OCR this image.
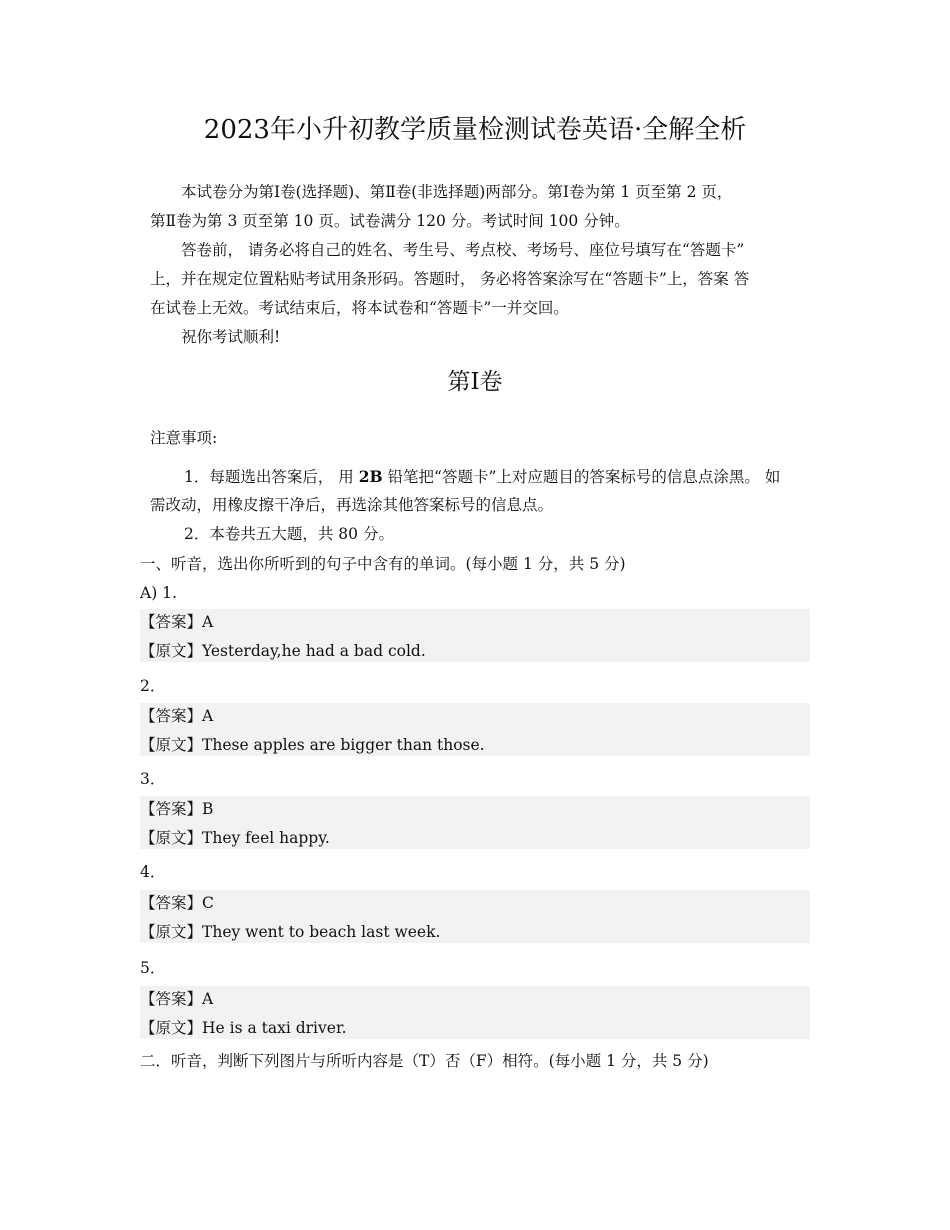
2023年小升初教学质量检测试卷英语·全解全析
本试卷分为第Ⅰ卷(选择题)、第Ⅱ卷(非选择题)两部分。第Ⅰ卷为第 1 页至第 2 页，
第Ⅱ卷为第 3 页至第 10 页。试卷满分 120 分。考试时间 100 分钟。
答卷前， 请务必将自己的姓名、考生号、考点校、考场号、座位号填写在“答题卡”
上，并在规定位置粘贴考试用条形码。答题时， 务必将答案涂写在“答题卡”上，答案 答
在试卷上无效。考试结束后，将本试卷和“答题卡”一并交回。
祝你考试顺利!
第Ⅰ卷
注意事项:
1．每题选出答案后， 用 2B 铅笔把“答题卡”上对应题目的答案标号的信息点涂黑。 如
需改动，用橡皮擦干净后，再选涂其他答案标号的信息点。
2．本卷共五大题，共 80 分。
一、听音，选出你所听到的句子中含有的单词。(每小题 1 分，共 5 分)
A) 1.
【答案】A
【原文】Yesterday,he had a bad cold.
2．
【答案】A
【原文】These apples are bigger than those.
3．
【答案】B
【原文】They feel happy.
4．
【答案】C
【原文】They went to beach last week.
5．
【答案】A
【原文】He is a taxi driver.
二．听音，判断下列图片与所听内容是（T）否（F）相符。(每小题 1 分，共 5 分)
